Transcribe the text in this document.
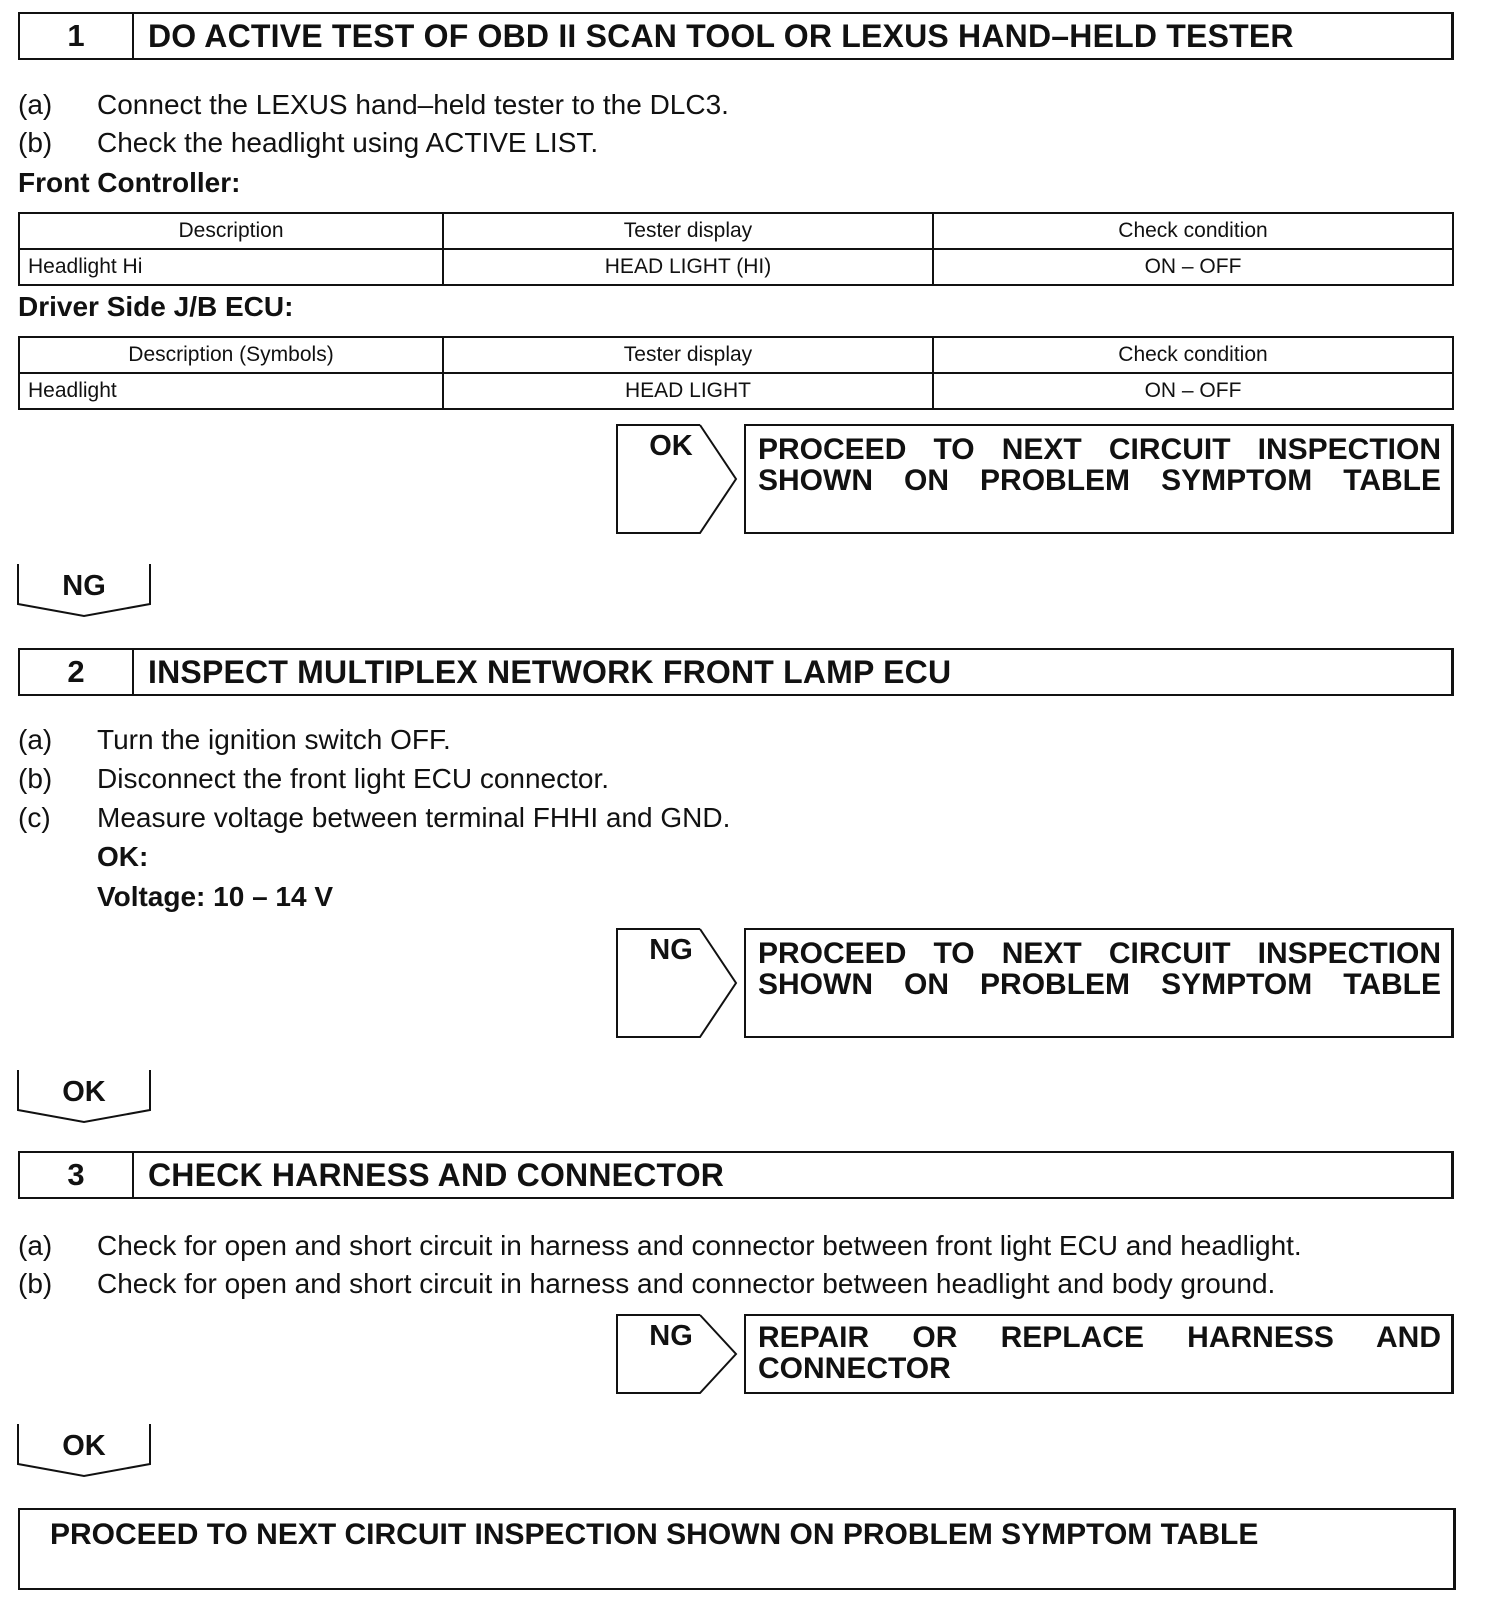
1	DO ACTIVE TEST OF OBD II SCAN TOOL OR LEXUS HAND–HELD TESTER
(a) Connect the LEXUS hand–held tester to the DLC3.
(b) Check the headlight using ACTIVE LIST.
Front Controller:
Description	Tester display	Check condition
Headlight Hi	HEAD LIGHT (HI)	ON – OFF
Driver Side J/B ECU:
Description (Symbols)	Tester display	Check condition
Headlight	HEAD LIGHT	ON – OFF
OK	PROCEED TO NEXT CIRCUIT INSPECTION SHOWN ON PROBLEM SYMPTOM TABLE
NG
2	INSPECT MULTIPLEX NETWORK FRONT LAMP ECU
(a) Turn the ignition switch OFF.
(b) Disconnect the front light ECU connector.
(c) Measure voltage between terminal FHHI and GND.
OK:
Voltage: 10 – 14 V
NG	PROCEED TO NEXT CIRCUIT INSPECTION SHOWN ON PROBLEM SYMPTOM TABLE
OK
3	CHECK HARNESS AND CONNECTOR
(a) Check for open and short circuit in harness and connector between front light ECU and headlight.
(b) Check for open and short circuit in harness and connector between headlight and body ground.
NG	REPAIR OR REPLACE HARNESS AND CONNECTOR
OK
PROCEED TO NEXT CIRCUIT INSPECTION SHOWN ON PROBLEM SYMPTOM TABLE
